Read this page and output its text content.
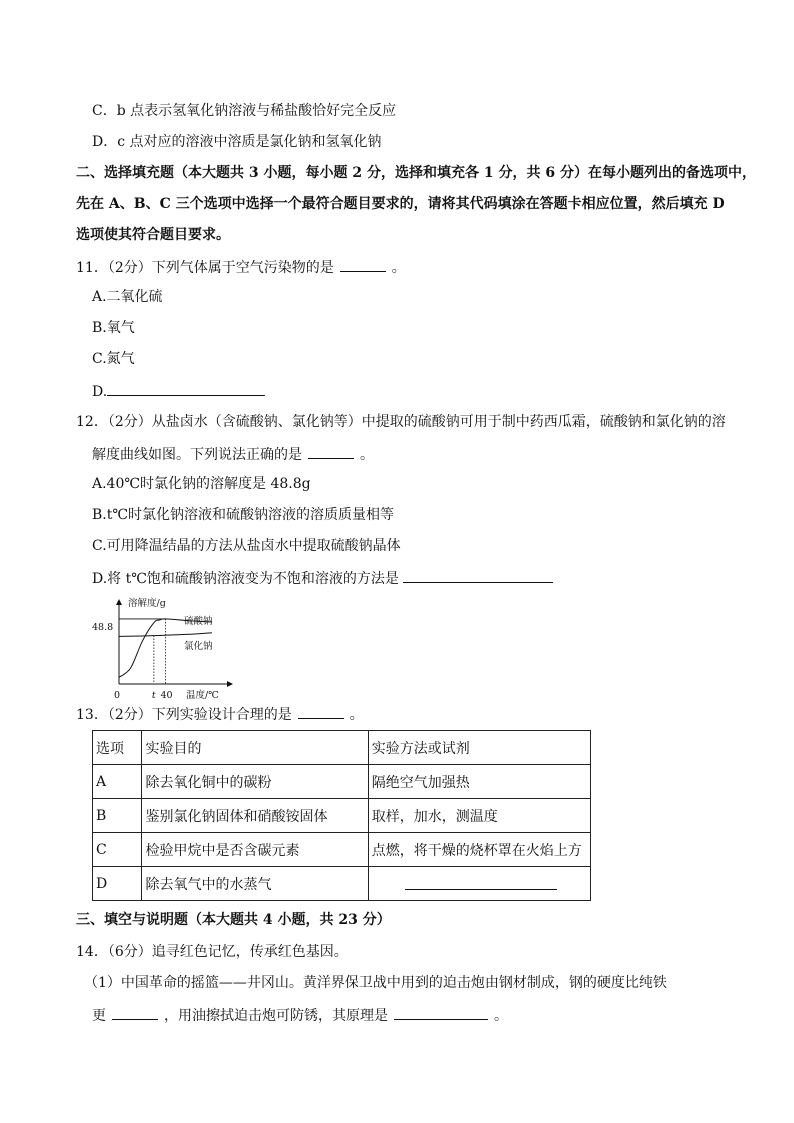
C．b 点表示氢氧化钠溶液与稀盐酸恰好完全反应
D．c 点对应的溶液中溶质是氯化钠和氢氧化钠
二、选择填充题（本大题共 3 小题，每小题 2 分，选择和填充各 1 分，共 6 分）在每小题列出的备选项中，
先在 A、B、C 三个选项中选择一个最符合题目要求的，请将其代码填涂在答题卡相应位置，然后填充 D
选项使其符合题目要求。
11．（2分）下列气体属于空气污染物的是	。
A.二氧化硫
B.氧气
C.氮气
D.
12．（2分）从盐卤水（含硫酸钠、氯化钠等）中提取的硫酸钠可用于制中药西瓜霜，硫酸钠和氯化钠的溶
解度曲线如图。下列说法正确的是	。
A.40℃时氯化钠的溶解度是 48.8g
B.t℃时氯化钠溶液和硫酸钠溶液的溶质质量相等
C.可用降温结晶的方法从盐卤水中提取硫酸钠晶体
D.将 t℃饱和硫酸钠溶液变为不饱和溶液的方法是
溶解度/g
温度/℃
48.8
0	t 40
硫酸钠
氯化钠
13．（2分）下列实验设计合理的是	。
选项	实验目的	实验方法或试剂
A	除去氧化铜中的碳粉	隔绝空气加强热
B	鉴别氯化钠固体和硝酸铵固体	取样，加水，测温度
C	检验甲烷中是否含碳元素	点燃，将干燥的烧杯罩在火焰上方
D	除去氧气中的水蒸气	
三、填空与说明题（本大题共 4 小题，共 23 分）
14．（6分）追寻红色记忆，传承红色基因。
（1）中国革命的摇篮——井冈山。黄洋界保卫战中用到的迫击炮由钢材制成，钢的硬度比纯铁
更	，用油擦拭迫击炮可防锈，其原理是	。
